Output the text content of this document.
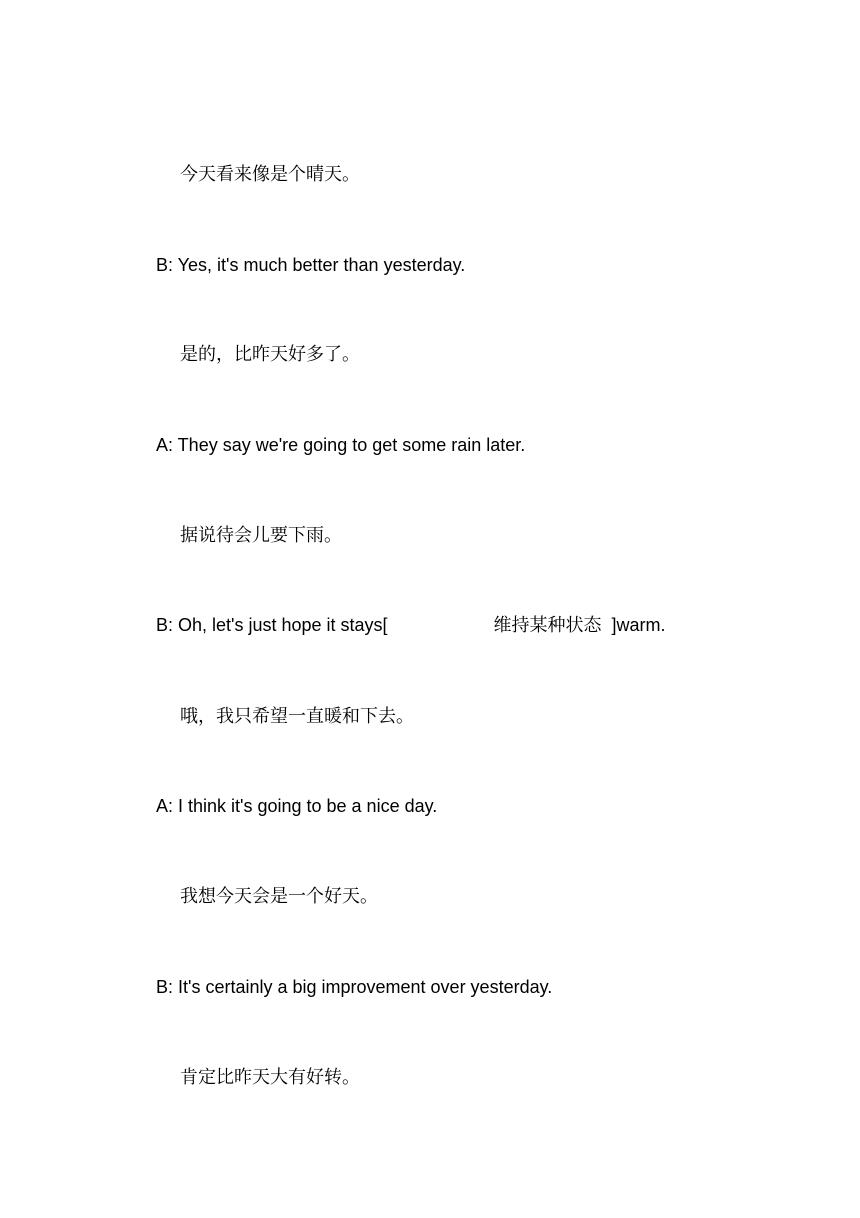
今天看来像是个晴天。
B: Yes, it's much better than yesterday.
是的，比昨天好多了。
A: They say we're going to get some rain later.
据说待会儿要下雨。
B: Oh, let's just hope it stays[	维持某种状态 ]warm.
哦，我只希望一直暖和下去。
A: I think it's going to be a nice day.
我想今天会是一个好天。
B: It's certainly a big improvement over yesterday.
肯定比昨天大有好转。
